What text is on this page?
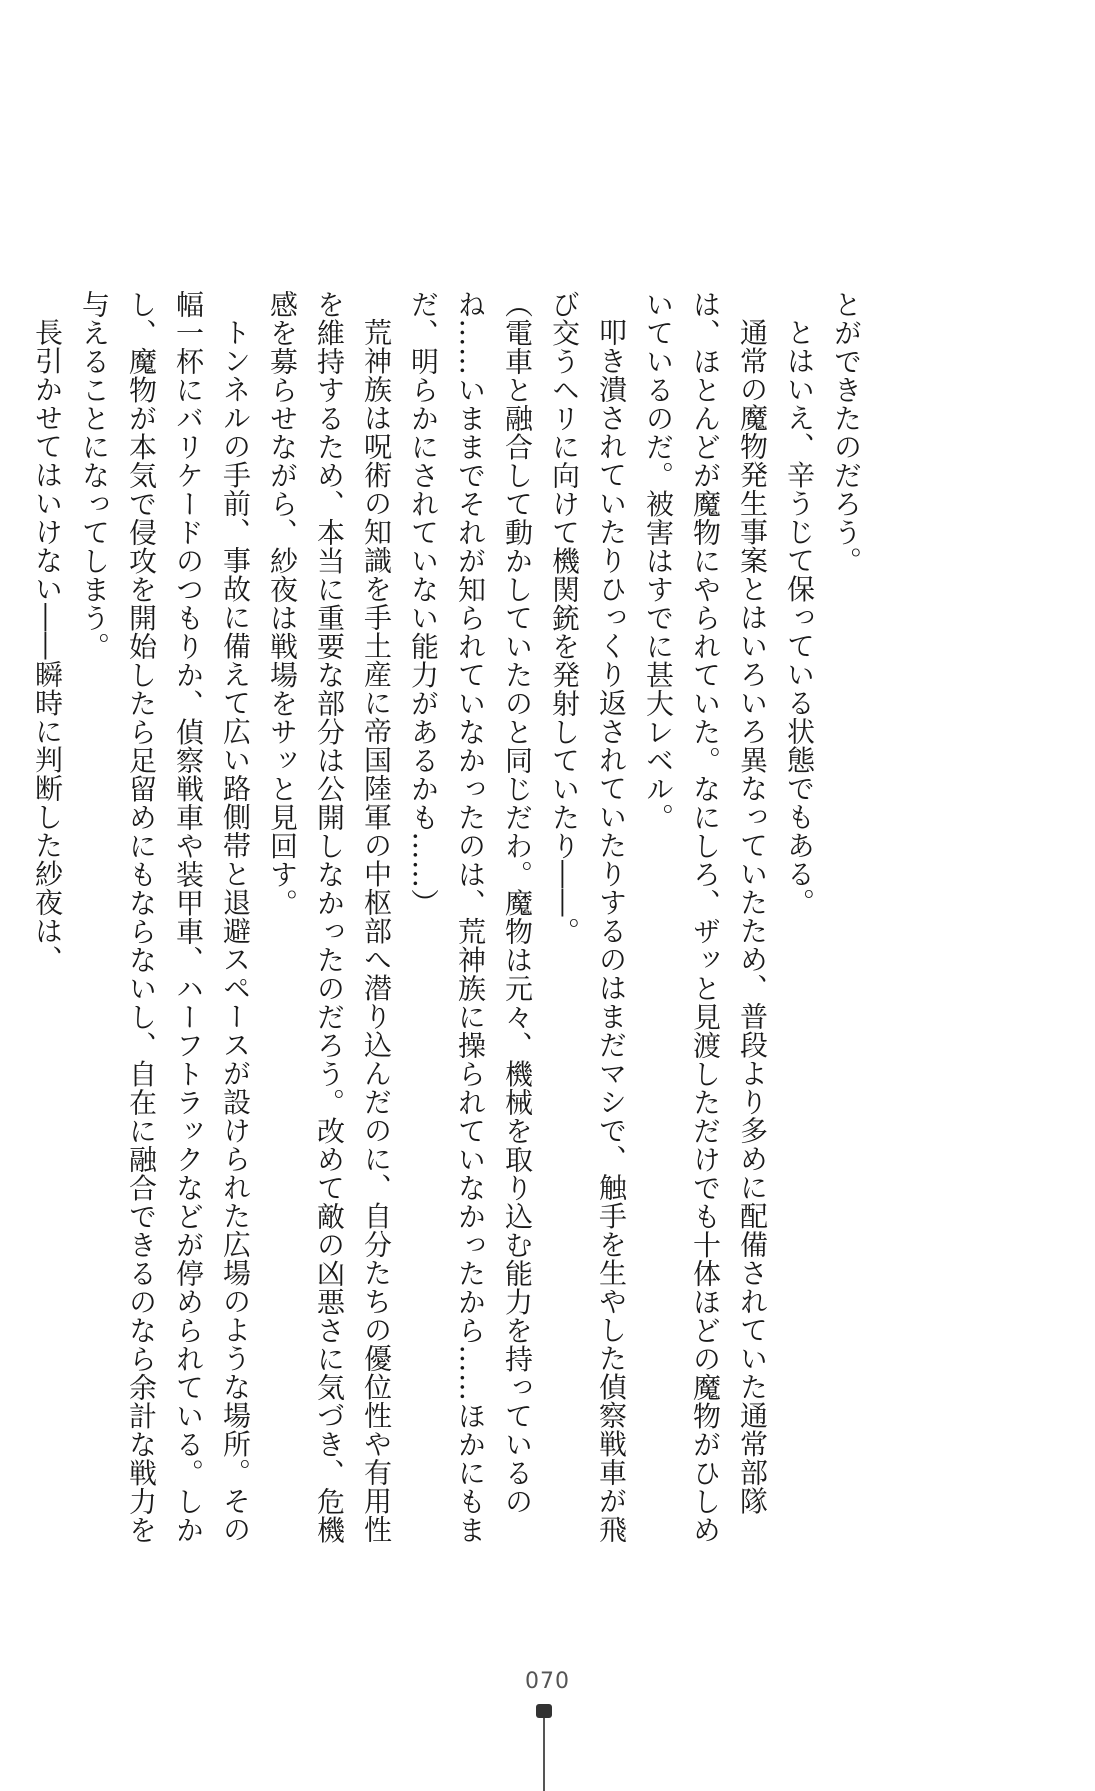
とができたのだろう。

とはいえ、辛うじて保っている状態でもある。

通常の魔物発生事案とはいろいろ異なっていたため、普段より多めに配備されていた通常部隊は、ほとんどが魔物にやられていた。なにしろ、ザッと見渡しただけでも十体ほどの魔物がひしめいているのだ。被害はすでに甚大レベル。

叩き潰されていたりひっくり返されていたりするのはまだマシで、触手を生やした偵察戦車が飛び交うヘリに向けて機関銃を発射していたり――。

（電車と融合して動かしていたのと同じだわ。魔物は元々、機械を取り込む能力を持っているのね……いままでそれが知られていなかったのは、荒神族に操られていなかったから……ほかにもまだ、明らかにされていない能力があるかも……）

荒神族は呪術の知識を手土産に帝国陸軍の中枢部へ潜り込んだのに、自分たちの優位性や有用性を維持するため、本当に重要な部分は公開しなかったのだろう。改めて敵の凶悪さに気づき、危機感を募らせながら、紗夜は戦場をサッと見回す。

トンネルの手前、事故に備えて広い路側帯と退避スペースが設けられた広場のような場所。その幅一杯にバリケードのつもりか、偵察戦車や装甲車、ハーフトラックなどが停められている。しかし、魔物が本気で侵攻を開始したら足留めにもならないし、自在に融合できるのなら余計な戦力を与えることになってしまう。

長引かせてはいけない――瞬時に判断した紗夜は、

070
